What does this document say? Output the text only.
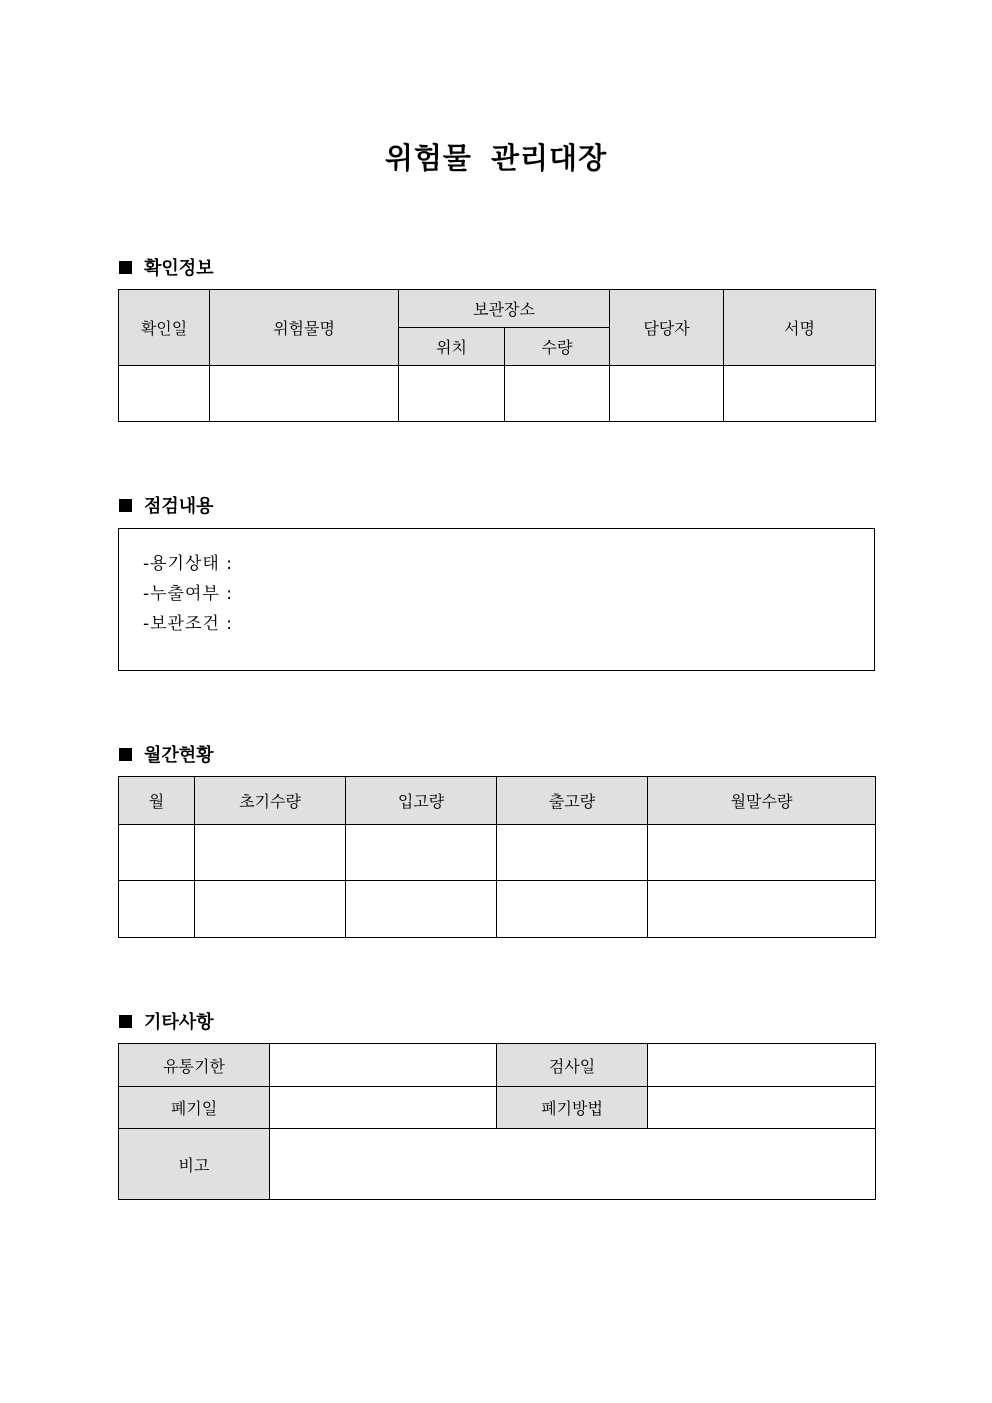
위험물 관리대장
확인정보
확인일	위험물명	보관장소		담당자	서명
		위치	수량		

점검내용
-용기상태 :
-누출여부 :
-보관조건 :
월간현황
월	초기수량	입고량	출고량	월말수량

기타사항
유통기한		검사일	
폐기일		폐기방법	
비고			
